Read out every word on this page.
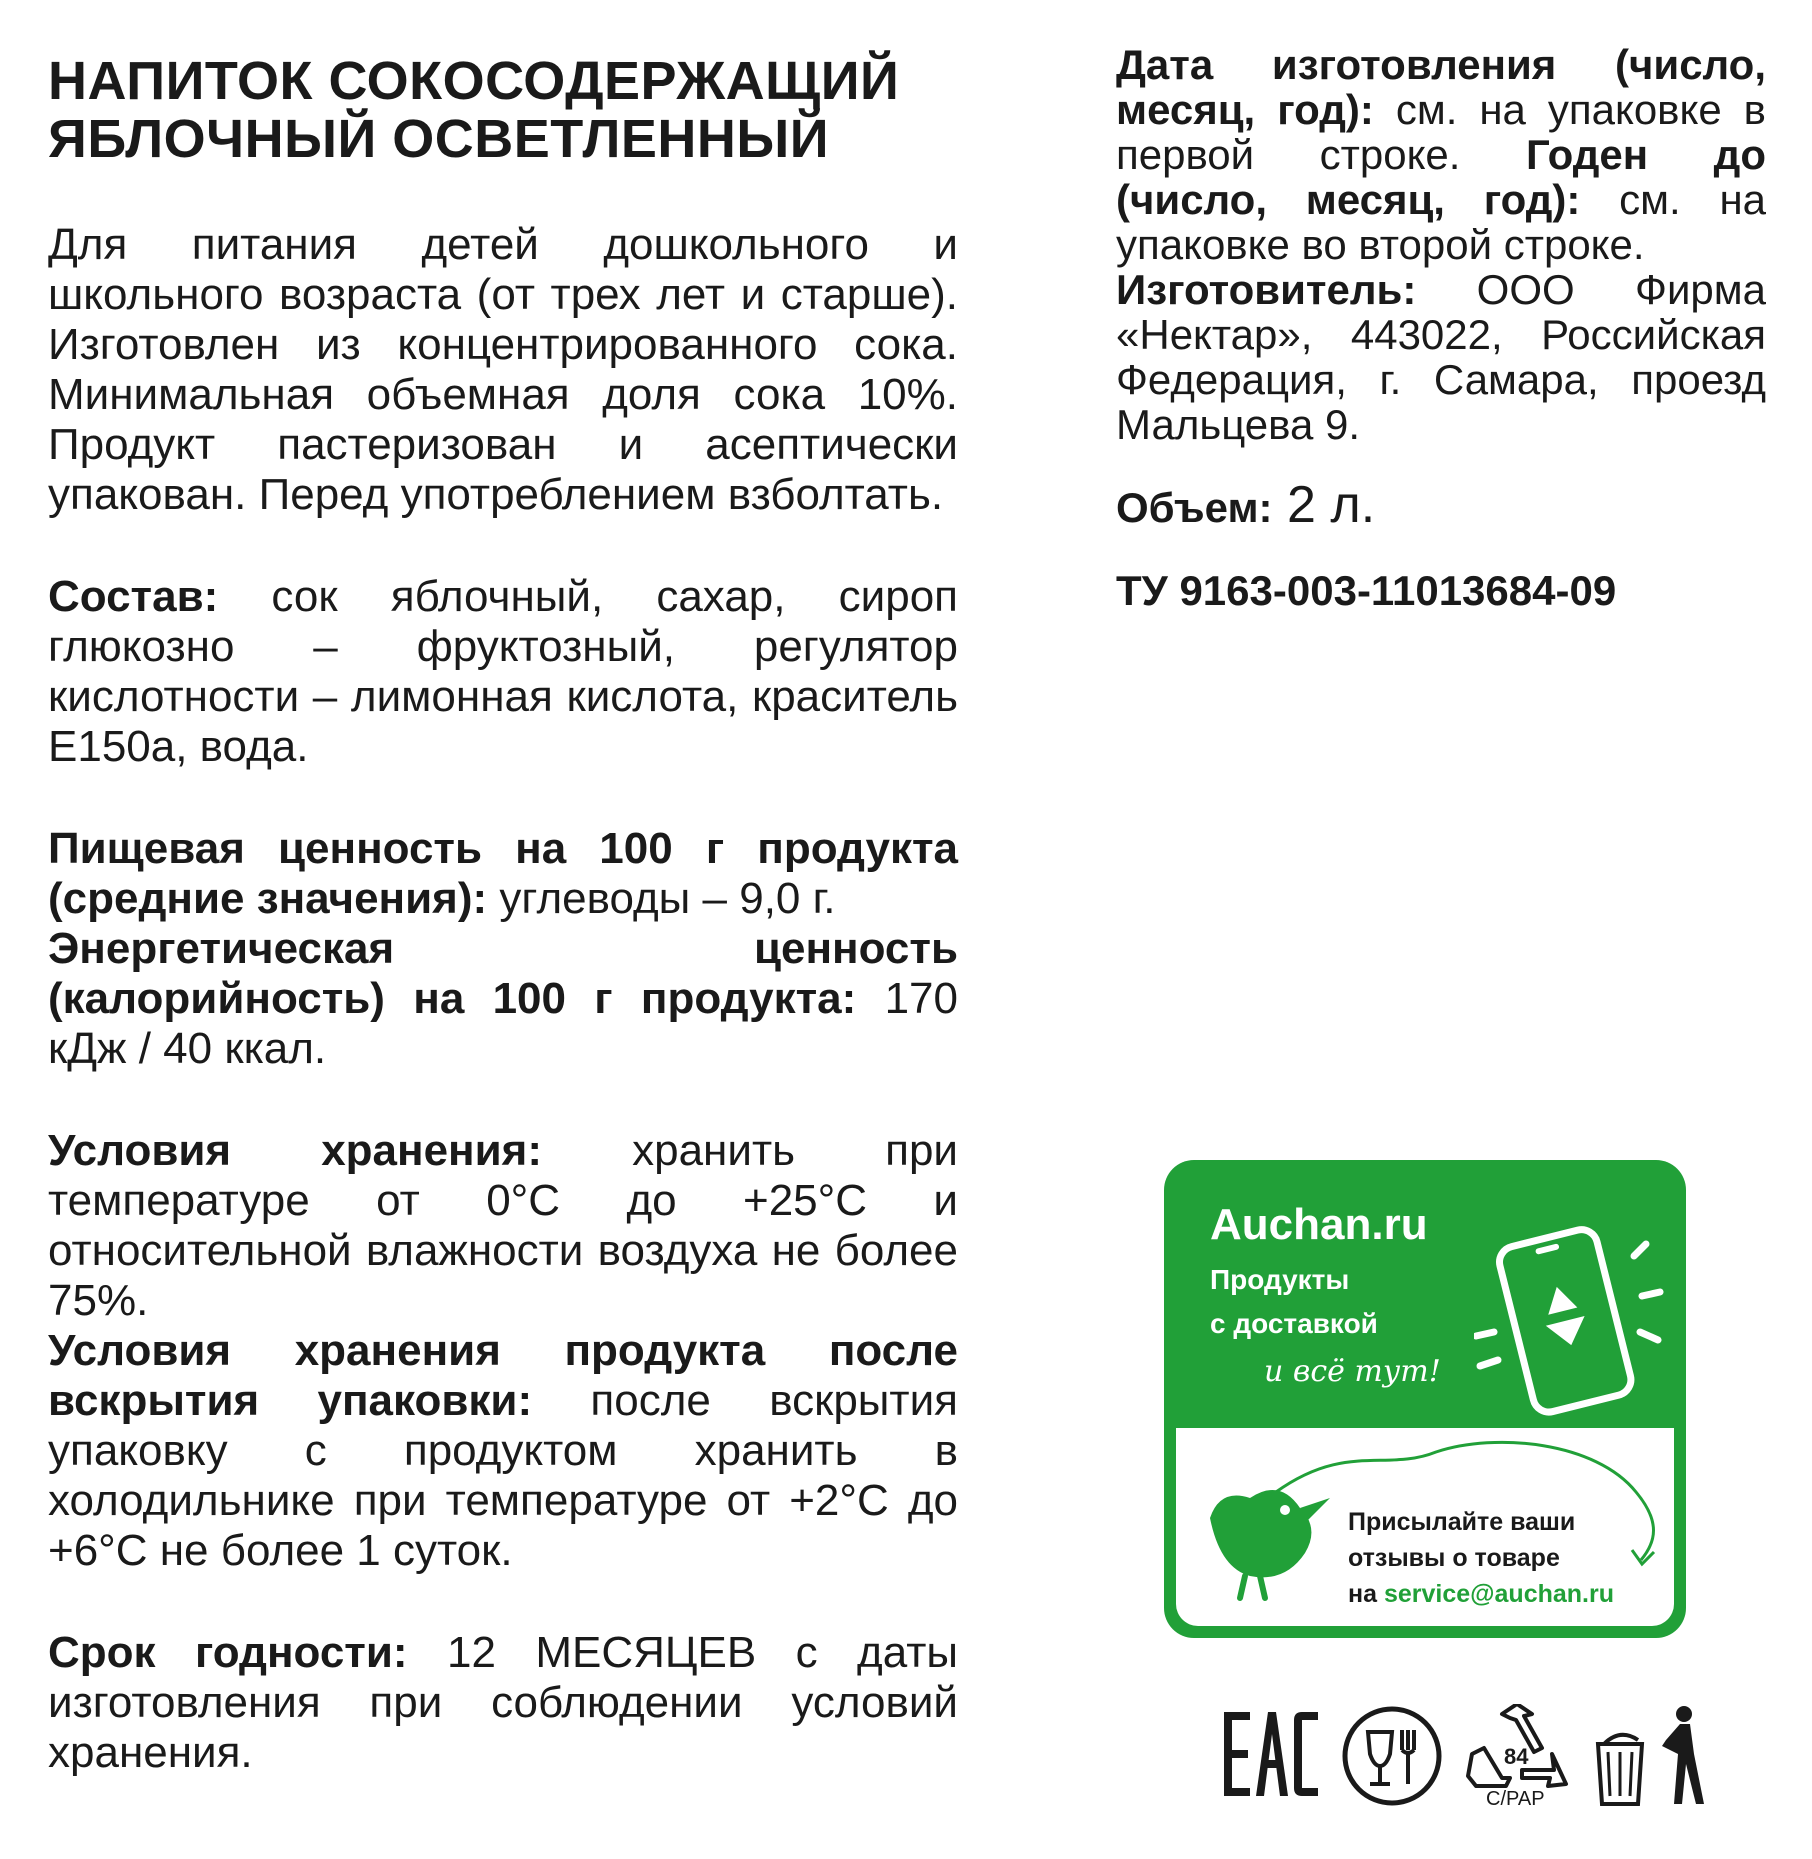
НАПИТОК СОКОСОДЕРЖАЩИЙ
ЯБЛОЧНЫЙ ОСВЕТЛЕННЫЙ

Для питания детей дошкольного и школьного возраста (от трех лет и старше). Изготовлен из концентрированного сока. Минимальная объемная доля сока 10%. Продукт пастеризован и асептически упакован. Перед употреблением взболтать.

Состав: сок яблочный, сахар, сироп глюкозно – фруктозный, регулятор кислотности – лимонная кислота, краситель Е150а, вода.

Пищевая ценность на 100 г продукта (средние значения): углеводы – 9,0 г.
Энергетическая ценность (калорийность) на 100 г продукта: 170 кДж / 40 ккал.

Условия хранения: хранить при температуре от 0°С до +25°С и относительной влажности воздуха не более 75%.
Условия хранения продукта после вскрытия упаковки: после вскрытия упаковку с продуктом хранить в холодильнике при температуре от +2°С до +6°С не более 1 суток.

Срок годности: 12 МЕСЯЦЕВ с даты изготовления при соблюдении условий хранения.

Дата изготовления (число, месяц, год): см. на упаковке в первой строке. Годен до (число, месяц, год): см. на упаковке во второй строке.
Изготовитель: ООО Фирма «Нектар», 443022, Российская Федерация, г. Самара, проезд Мальцева 9.

Объем: 2 л.

ТУ 9163-003-11013684-09

Auchan.ru
Продукты
с доставкой
и всё тут!
Присылайте ваши
отзывы о товаре
на service@auchan.ru
84
C/PAP
